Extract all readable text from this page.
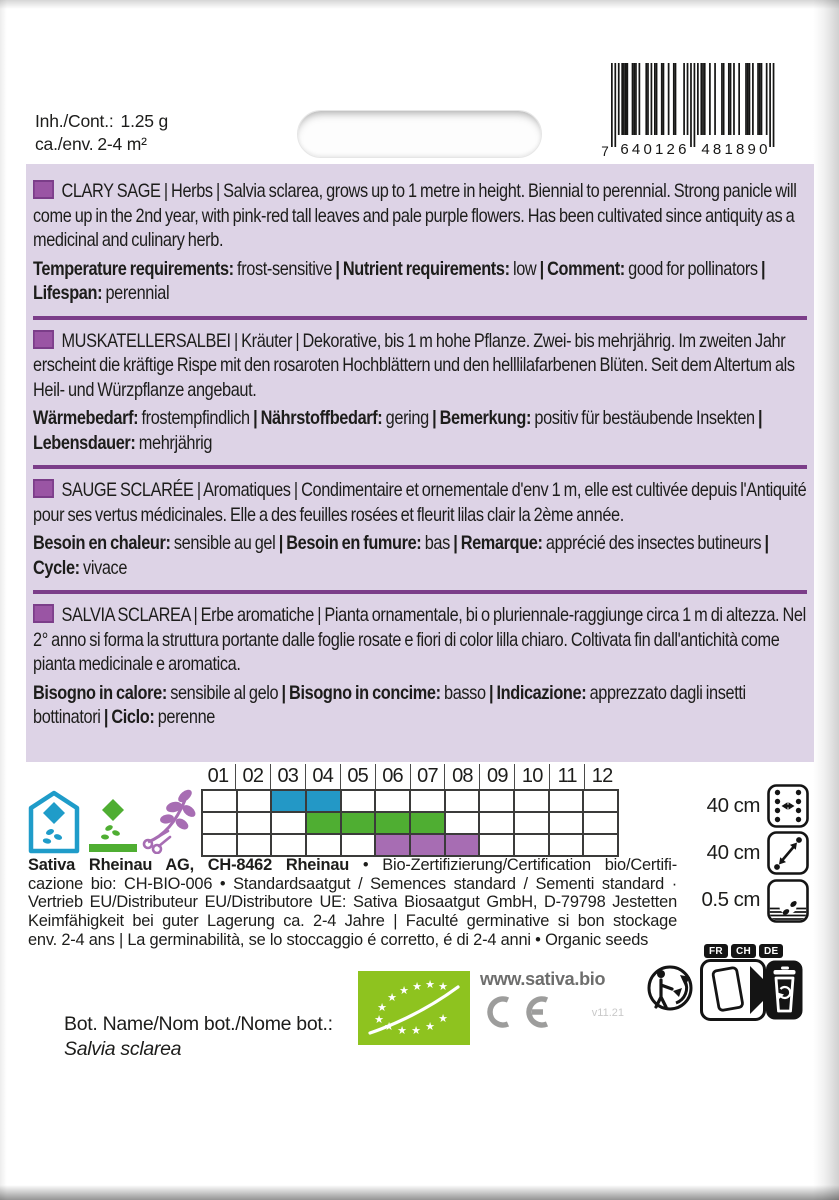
Inh./Cont.: 1.25 g
ca./env. 2-4 m²	7 640126 481890

CLARY SAGE | Herbs | Salvia sclarea, grows up to 1 metre in height. Biennial to perennial. Strong panicle will come up in the 2nd year, with pink-red tall leaves and pale purple flowers. Has been cultivated since antiquity as a medicinal and culinary herb.

Temperature requirements: frost-sensitive | Nutrient requirements: low | Comment: good for pollinators | Lifespan: perennial

MUSKATELLERSALBEI | Kräuter | Dekorative, bis 1 m hohe Pflanze. Zwei- bis mehrjährig. Im zweiten Jahr erscheint die kräftige Rispe mit den rosaroten Hochblättern und den helllilafarbenen Blüten. Seit dem Altertum als Heil- und Würzpflanze angebaut.

Wärmebedarf: frostempfindlich | Nährstoffbedarf: gering | Bemerkung: positiv für bestäubende Insekten | Lebensdauer: mehrjährig

SAUGE SCLARÉE | Aromatiques | Condimentaire et ornementale d'env 1 m, elle est cultivée depuis l'Antiquité pour ses vertus médicinales. Elle a des feuilles rosées et fleurit lilas clair la 2ème année.

Besoin en chaleur: sensible au gel | Besoin en fumure: bas | Remarque: apprécié des insectes butineurs | Cycle: vivace

SALVIA SCLAREA | Erbe aromatiche | Pianta ornamentale, bi o pluriennale-raggiunge circa 1 m di altezza. Nel 2° anno si forma la struttura portante dalle foglie rosate e fiori di color lilla chiaro. Coltivata fin dall'antichità come pianta medicinale e aromatica.

Bisogno in calore: sensibile al gelo | Bisogno in concime: basso | Indicazione: apprezzato dagli insetti bottinatori | Ciclo: perenne

01 02 03 04 05 06 07 08 09 10 11 12
40 cm
40 cm
0.5 cm
Sativa Rheinau AG, CH-8462 Rheinau • Bio-Zertifizierung/Certification bio/Certifi-
cazione bio: CH-BIO-006 • Standardsaatgut / Semences standard / Sementi standard ·
Vertrieb EU/Distributeur EU/Distributore UE: Sativa Biosaatgut GmbH, D-79798 Jestetten
Keimfähigkeit bei guter Lagerung ca. 2-4 Jahre | Faculté germinative si bon stockage
env. 2-4 ans | La germinabilità, se lo stoccaggio é corretto, é di 2-4 anni • Organic seeds
Bot. Name/Nom bot./Nome bot.:
Salvia sclarea
★
★
★ ★ ★ ★
★
★ ★ ★ ★
★
www.sativa.bio
v11.21
FR	CH	DE
